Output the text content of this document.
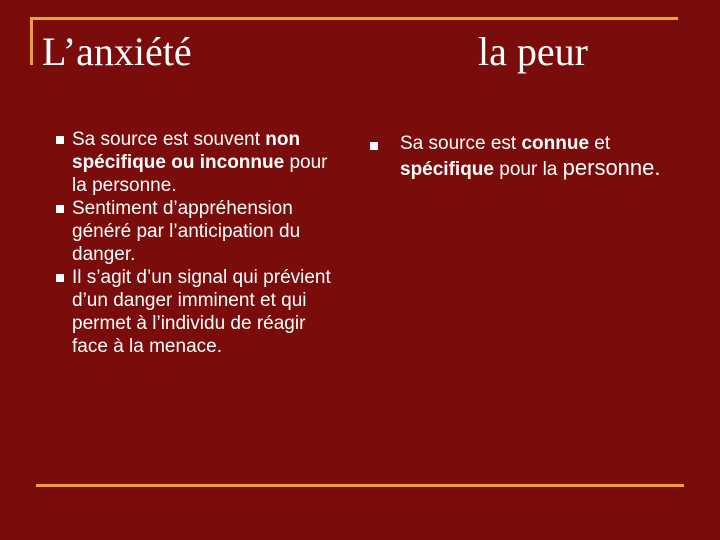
L’anxiété	la peur
Sa source est souvent non spécifique ou inconnue pour la personne.
Sentiment d’appréhension généré par l’anticipation du danger.
Il s’agit d’un signal qui prévient d’un danger imminent et qui permet à l’individu de réagir face à la menace.
Sa source est connue et
spécifique pour la personne.
